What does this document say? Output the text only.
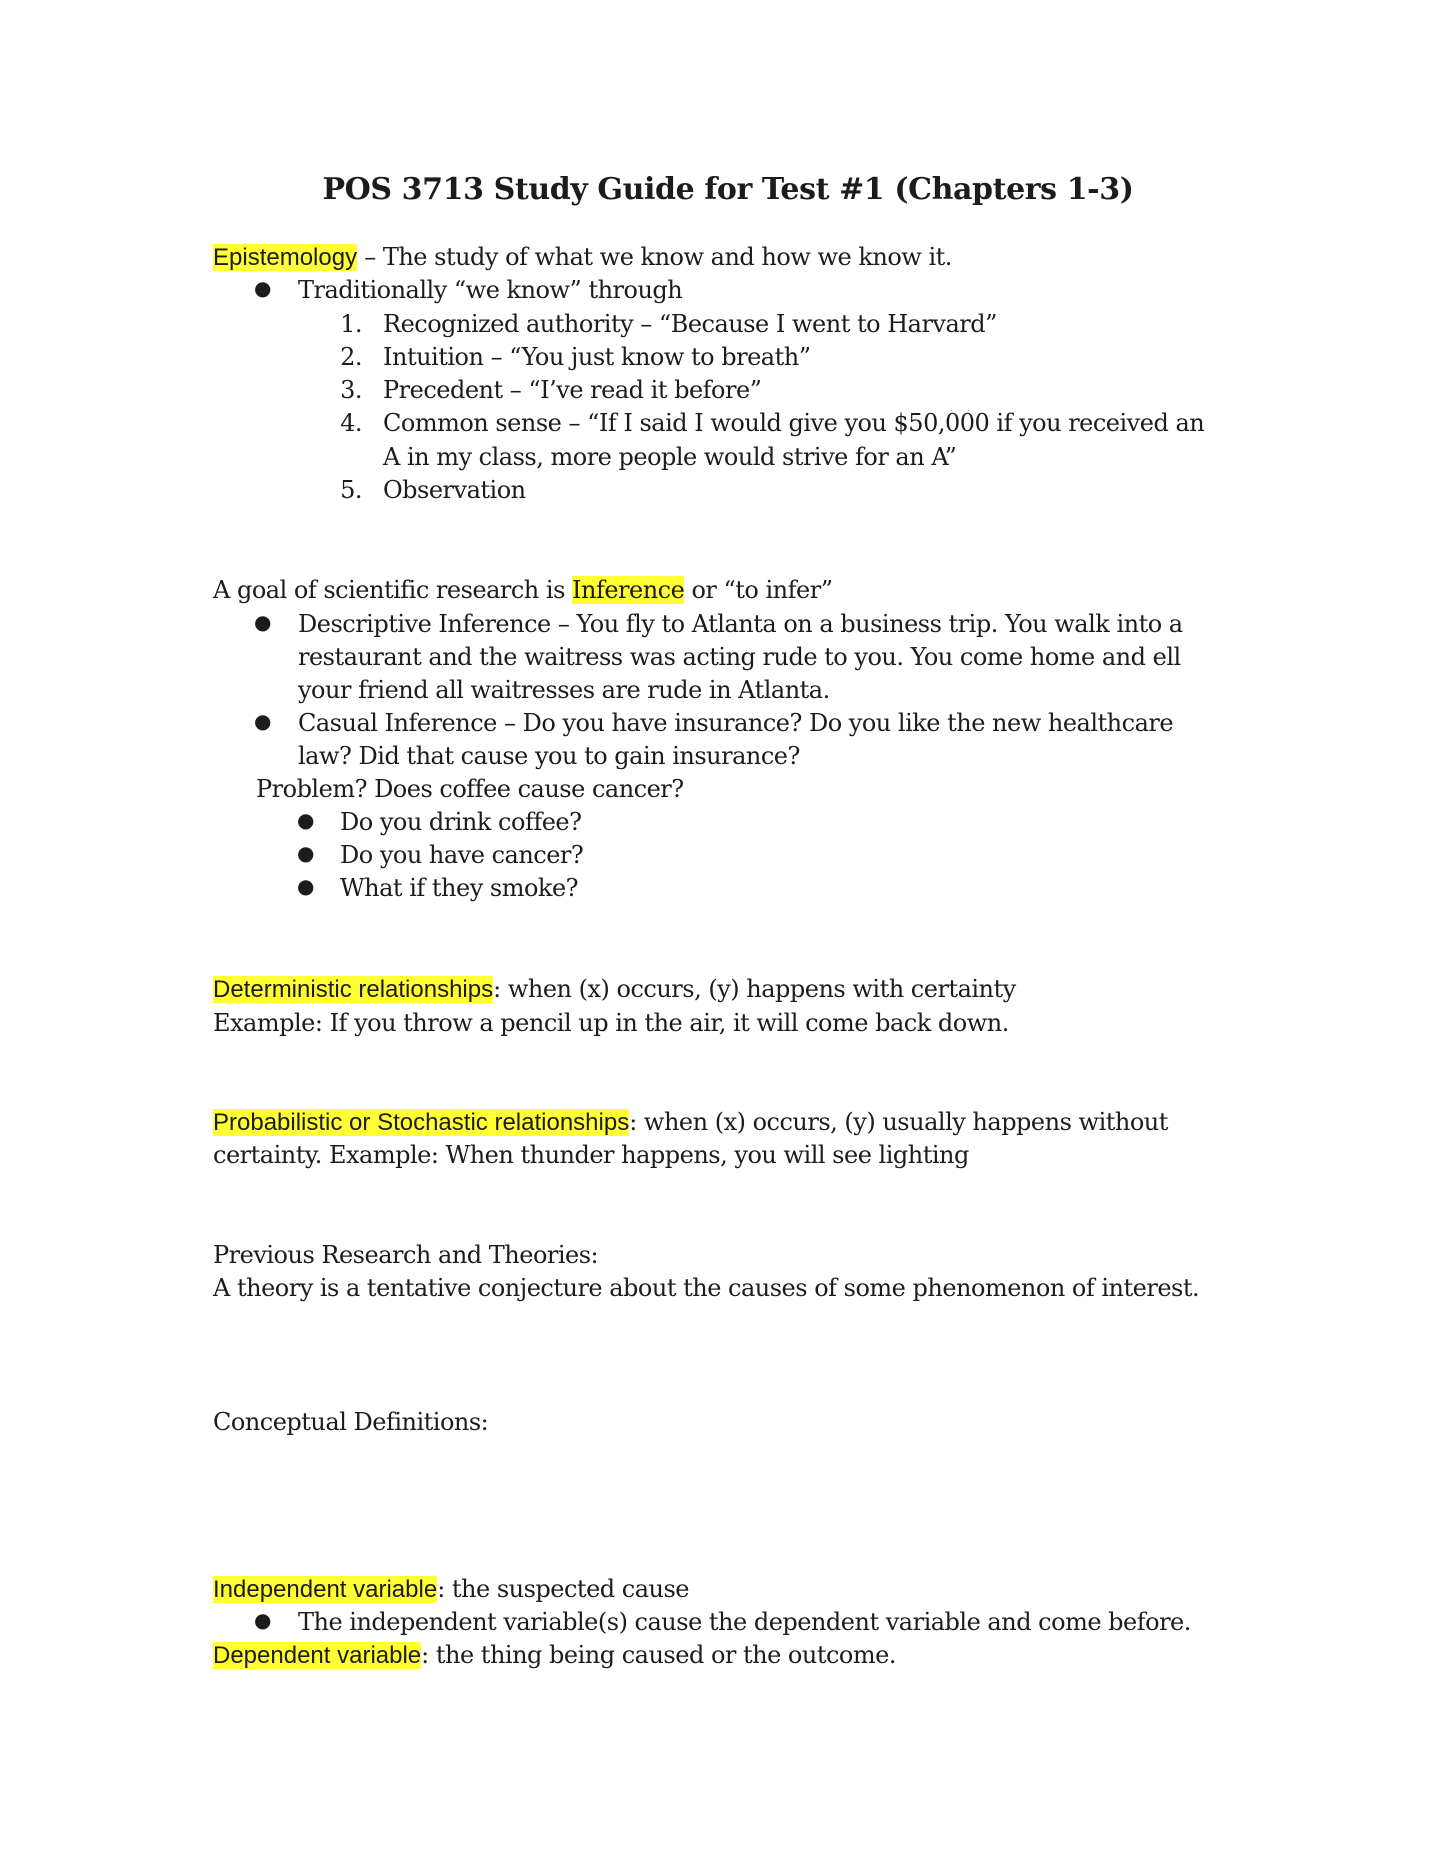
POS 3713 Study Guide for Test #1 (Chapters 1-3)
Epistemology – The study of what we know and how we know it.
● Traditionally “we know” through
1. Recognized authority – “Because I went to Harvard”
2. Intuition – “You just know to breath”
3. Precedent – “I’ve read it before”
4. Common sense – “If I said I would give you $50,000 if you received an
A in my class, more people would strive for an A”
5. Observation
A goal of scientific research is Inference or “to infer”
● Descriptive Inference – You fly to Atlanta on a business trip. You walk into a
restaurant and the waitress was acting rude to you. You come home and ell
your friend all waitresses are rude in Atlanta.
● Casual Inference – Do you have insurance? Do you like the new healthcare
law? Did that cause you to gain insurance?
Problem? Does coffee cause cancer?
● Do you drink coffee?
● Do you have cancer?
● What if they smoke?
Deterministic relationships: when (x) occurs, (y) happens with certainty
Example: If you throw a pencil up in the air, it will come back down.
Probabilistic or Stochastic relationships: when (x) occurs, (y) usually happens without
certainty. Example: When thunder happens, you will see lighting
Previous Research and Theories:
A theory is a tentative conjecture about the causes of some phenomenon of interest.
Conceptual Definitions:
Independent variable: the suspected cause
● The independent variable(s) cause the dependent variable and come before.
Dependent variable: the thing being caused or the outcome.
